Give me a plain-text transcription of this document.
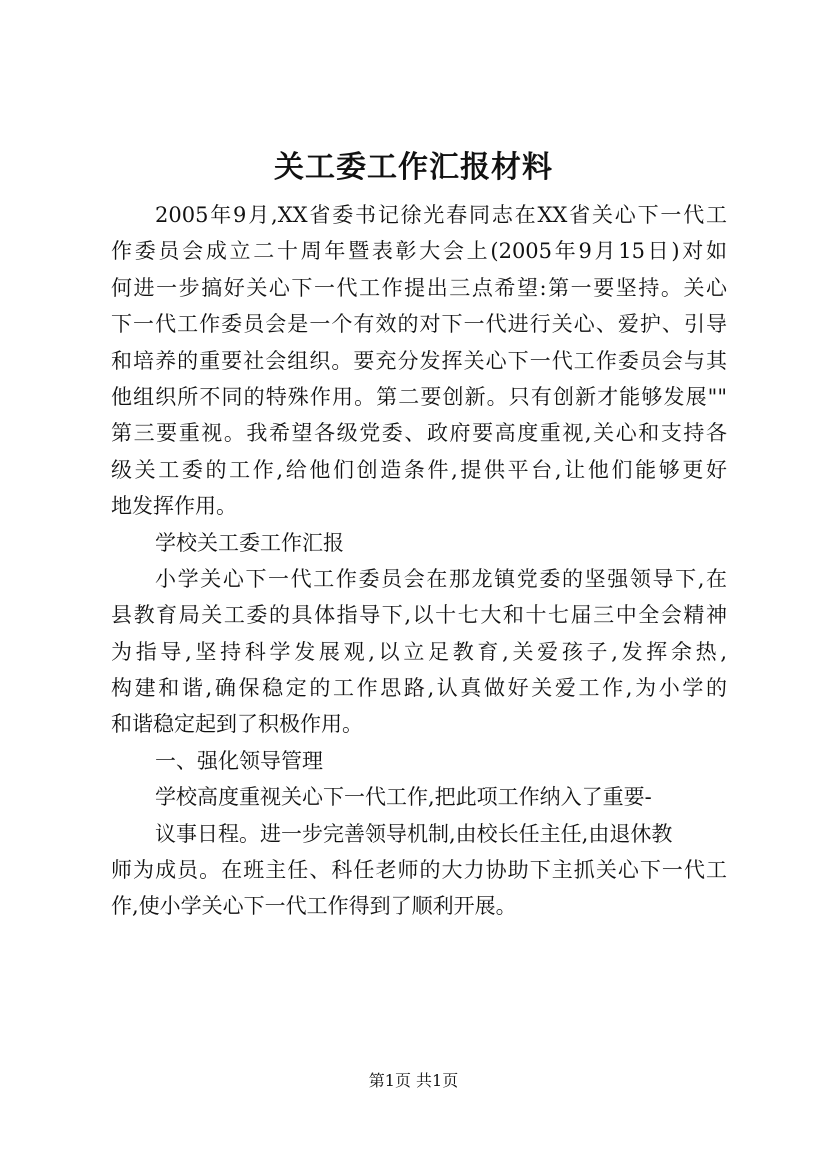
关工委工作汇报材料
2005年9月,XX省委书记徐光春同志在XX省关心下一代工
作委员会成立二十周年暨表彰大会上(2005年9月15日)对如
何进一步搞好关心下一代工作提出三点希望:第一要坚持。关心
下一代工作委员会是一个有效的对下一代进行关心、爱护、引导
和培养的重要社会组织。要充分发挥关心下一代工作委员会与其
他组织所不同的特殊作用。第二要创新。只有创新才能够发展""
第三要重视。我希望各级党委、政府要高度重视,关心和支持各
级关工委的工作,给他们创造条件,提供平台,让他们能够更好
地发挥作用。
学校关工委工作汇报
小学关心下一代工作委员会在那龙镇党委的坚强领导下,在
县教育局关工委的具体指导下,以十七大和十七届三中全会精神
为指导,坚持科学发展观,以立足教育,关爱孩子,发挥余热,
构建和谐,确保稳定的工作思路,认真做好关爱工作,为小学的
和谐稳定起到了积极作用。
一、强化领导管理
学校高度重视关心下一代工作,把此项工作纳入了重要-
议事日程。进一步完善领导机制,由校长任主任,由退休教
师为成员。在班主任、科任老师的大力协助下主抓关心下一代工
作,使小学关心下一代工作得到了顺利开展。
第1页 共1页
